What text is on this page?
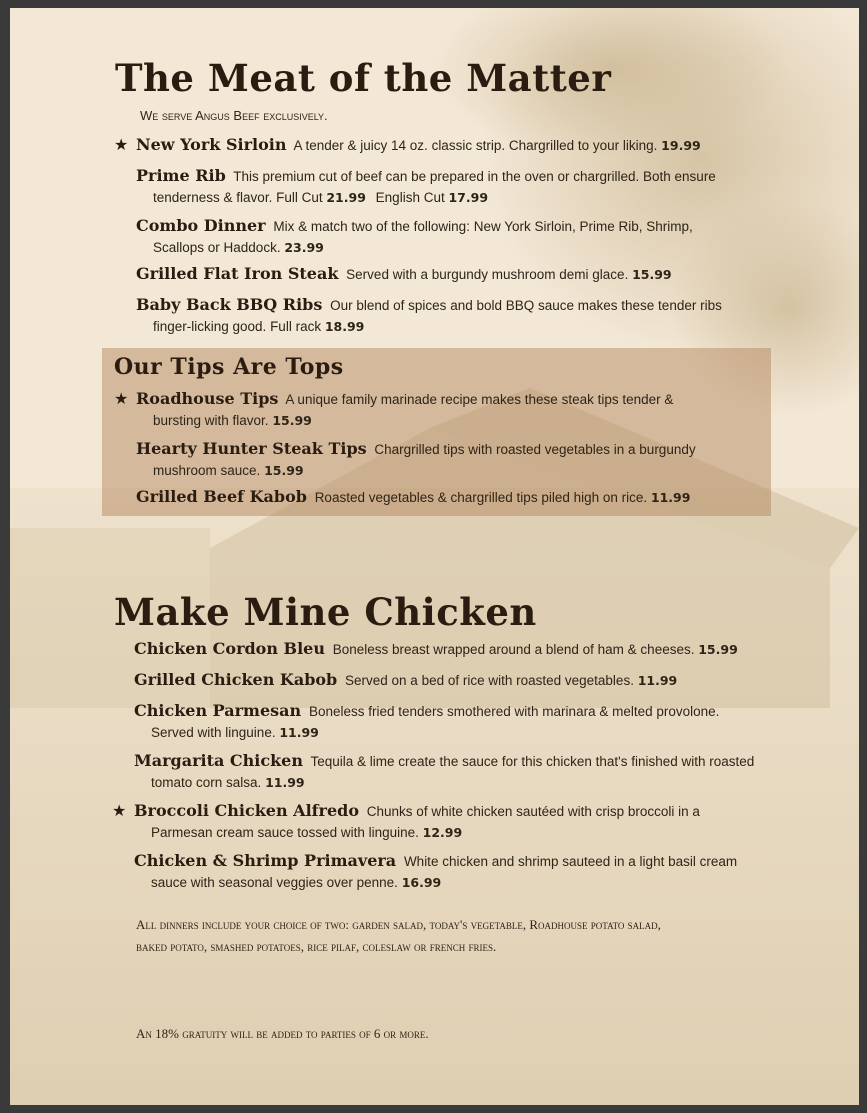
The Meat of the Matter
We serve Angus Beef exclusively.
★ New York Sirloin A tender & juicy 14 oz. classic strip. Chargrilled to your liking. 19.99
Prime Rib This premium cut of beef can be prepared in the oven or chargrilled. Both ensure
tenderness & flavor. Full Cut 21.99 English Cut 17.99
Combo Dinner Mix & match two of the following: New York Sirloin, Prime Rib, Shrimp,
Scallops or Haddock. 23.99
Grilled Flat Iron Steak Served with a burgundy mushroom demi glace. 15.99
Baby Back BBQ Ribs Our blend of spices and bold BBQ sauce makes these tender ribs
finger-licking good. Full rack 18.99
Our Tips Are Tops
★ Roadhouse Tips A unique family marinade recipe makes these steak tips tender &
bursting with flavor. 15.99
Hearty Hunter Steak Tips Chargrilled tips with roasted vegetables in a burgundy
mushroom sauce. 15.99
Grilled Beef Kabob Roasted vegetables & chargrilled tips piled high on rice. 11.99
Make Mine Chicken
Chicken Cordon Bleu Boneless breast wrapped around a blend of ham & cheeses. 15.99
Grilled Chicken Kabob Served on a bed of rice with roasted vegetables. 11.99
Chicken Parmesan Boneless fried tenders smothered with marinara & melted provolone.
Served with linguine. 11.99
Margarita Chicken Tequila & lime create the sauce for this chicken that's finished with roasted
tomato corn salsa. 11.99
★ Broccoli Chicken Alfredo Chunks of white chicken sautéed with crisp broccoli in a
Parmesan cream sauce tossed with linguine. 12.99
Chicken & Shrimp Primavera White chicken and shrimp sauteed in a light basil cream
sauce with seasonal veggies over penne. 16.99
All dinners include your choice of two: garden salad, today's vegetable, Roadhouse potato salad,
baked potato, smashed potatoes, rice pilaf, coleslaw or french fries.
An 18% gratuity will be added to parties of 6 or more.
